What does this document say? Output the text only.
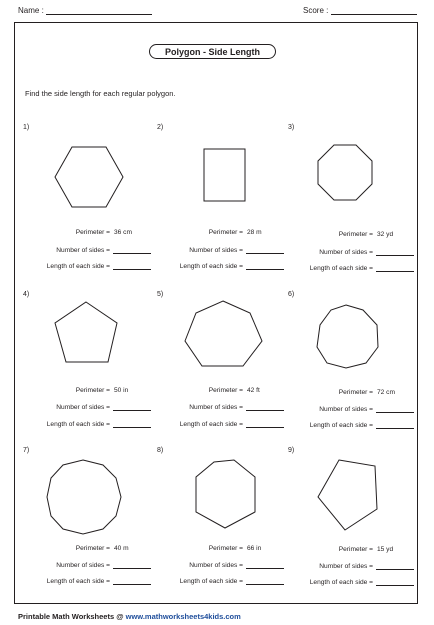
Name :	Score :
Polygon - Side Length
Find the side length for each regular polygon.
1)	2)	3)
4)	5)	6)
7)	8)	9)
Perimeter = 36 cm
Number of sides =
Length of each side =
Perimeter = 28 m
Number of sides =
Length of each side =
Perimeter = 32 yd
Number of sides =
Length of each side =
Perimeter = 50 in
Number of sides =
Length of each side =
Perimeter = 42 ft
Number of sides =
Length of each side =
Perimeter = 72 cm
Number of sides =
Length of each side =
Perimeter = 40 m
Number of sides =
Length of each side =
Perimeter = 66 in
Number of sides =
Length of each side =
Perimeter = 15 yd
Number of sides =
Length of each side =
Printable Math Worksheets @ www.mathworksheets4kids.com
